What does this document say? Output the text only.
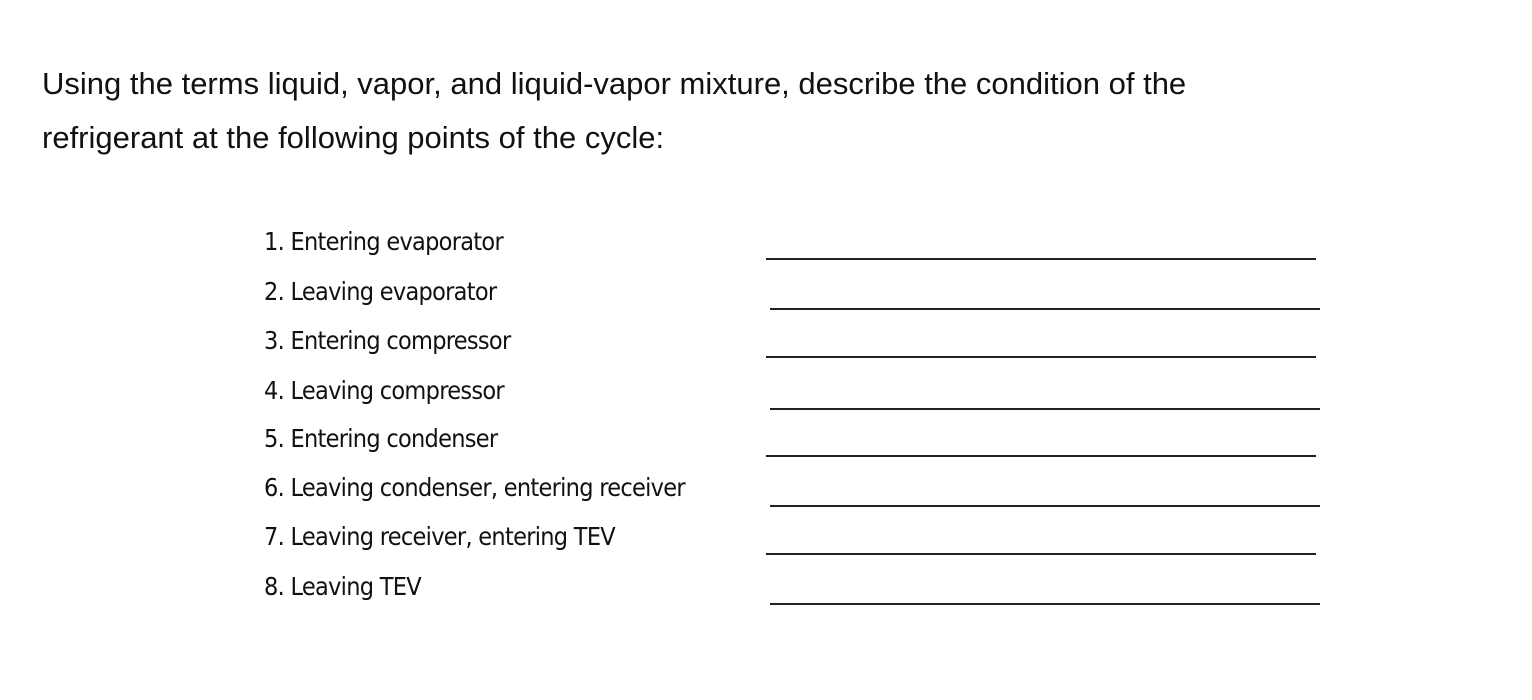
Using the terms liquid, vapor, and liquid-vapor mixture, describe the condition of the
refrigerant at the following points of the cycle:
1. Entering evaporator
2. Leaving evaporator
3. Entering compressor
4. Leaving compressor
5. Entering condenser
6. Leaving condenser, entering receiver
7. Leaving receiver, entering TEV
8. Leaving TEV
